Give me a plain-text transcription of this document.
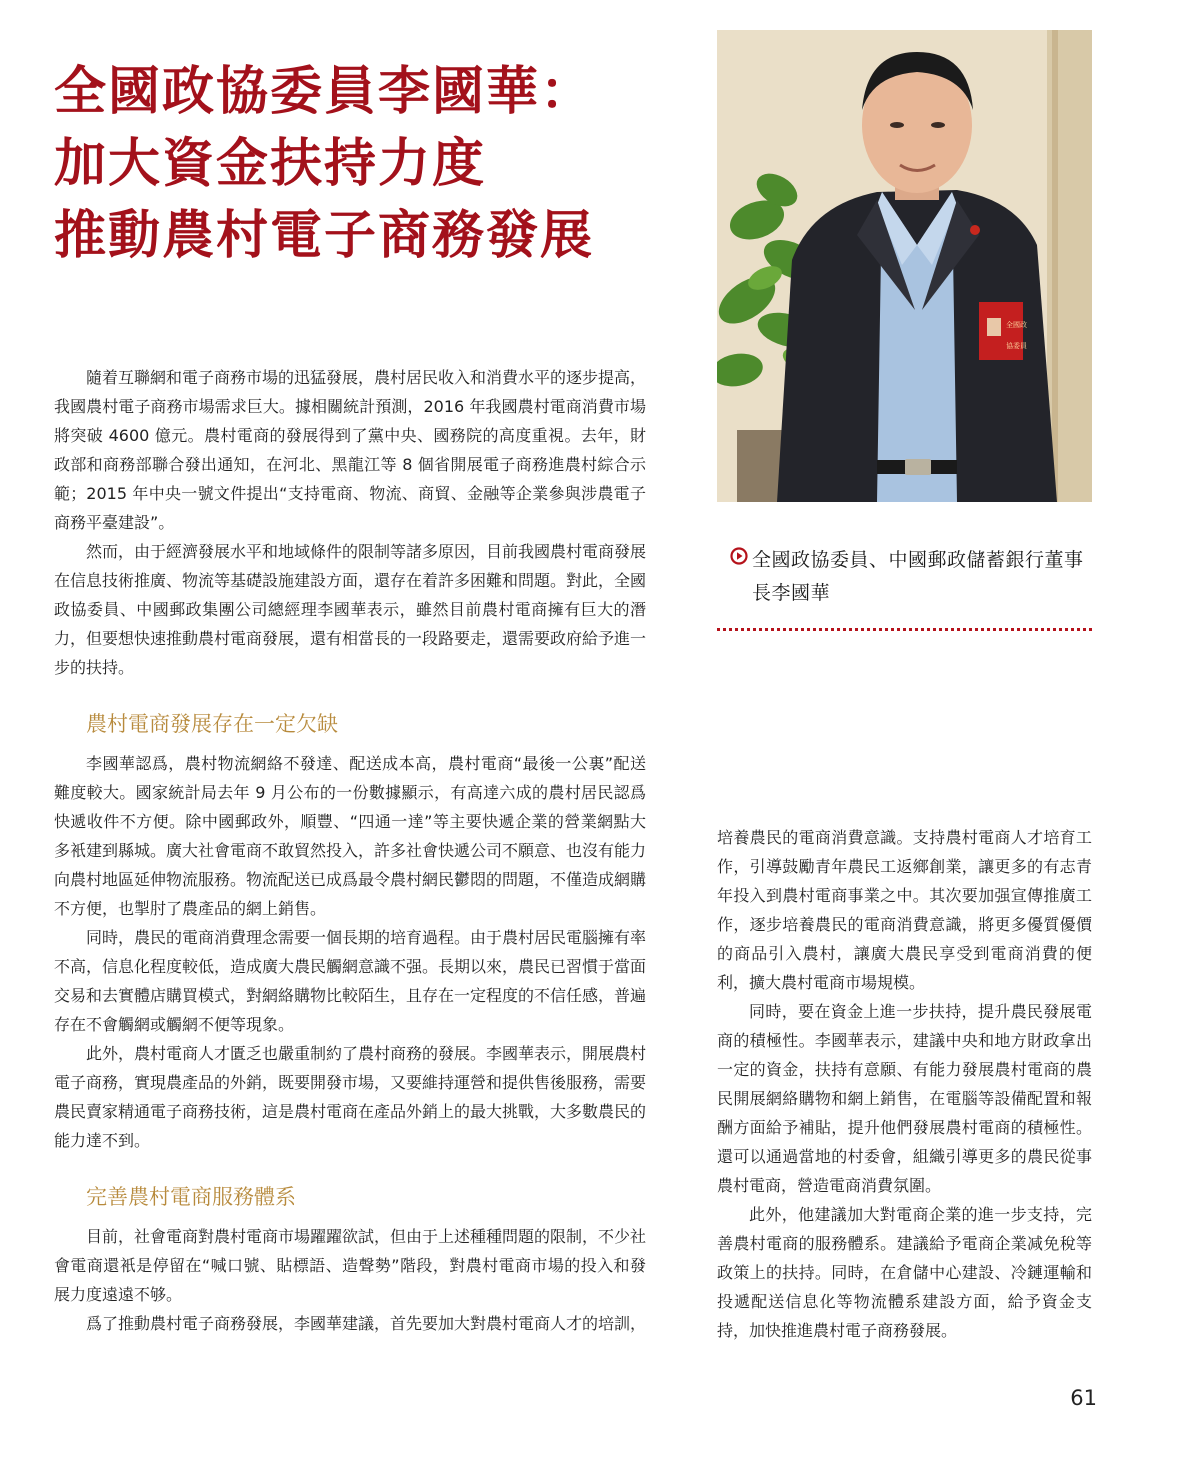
全國政協委員李國華：
加大資金扶持力度
推動農村電子商務發展
全國政
協委員
全國政協委員、中國郵政儲蓄銀行董事
長李國華

隨着互聯網和電子商務市場的迅猛發展，農村居民收入和消費水平的逐步提高，我國農村電子商務市場需求巨大。據相關統計預測，2016 年我國農村電商消費市場將突破 4600 億元。農村電商的發展得到了黨中央、國務院的高度重視。去年，財政部和商務部聯合發出通知，在河北、黑龍江等 8 個省開展電子商務進農村綜合示範；2015 年中央一號文件提出“支持電商、物流、商貿、金融等企業參與涉農電子商務平臺建設”。

然而，由于經濟發展水平和地域條件的限制等諸多原因，目前我國農村電商發展在信息技術推廣、物流等基礎設施建設方面，還存在着許多困難和問題。對此，全國政協委員、中國郵政集團公司總經理李國華表示，雖然目前農村電商擁有巨大的潛力，但要想快速推動農村電商發展，還有相當長的一段路要走，還需要政府給予進一步的扶持。

農村電商發展存在一定欠缺

李國華認爲，農村物流網絡不發達、配送成本高，農村電商“最後一公裏”配送難度較大。國家統計局去年 9 月公布的一份數據顯示，有高達六成的農村居民認爲快遞收件不方便。除中國郵政外，順豐、“四通一達”等主要快遞企業的營業網點大多衹建到縣城。廣大社會電商不敢貿然投入，許多社會快遞公司不願意、也沒有能力向農村地區延伸物流服務。物流配送已成爲最令農村網民鬱悶的問題，不僅造成網購不方便，也掣肘了農產品的網上銷售。

同時，農民的電商消費理念需要一個長期的培育過程。由于農村居民電腦擁有率不高，信息化程度較低，造成廣大農民觸網意識不强。長期以來，農民已習慣于當面交易和去實體店購買模式，對網絡購物比較陌生，且存在一定程度的不信任感，普遍存在不會觸網或觸網不便等現象。

此外，農村電商人才匱乏也嚴重制約了農村商務的發展。李國華表示，開展農村電子商務，實現農產品的外銷，既要開發市場，又要維持運營和提供售後服務，需要農民賣家精通電子商務技術，這是農村電商在產品外銷上的最大挑戰，大多數農民的能力達不到。

完善農村電商服務體系

目前，社會電商對農村電商市場躍躍欲試，但由于上述種種問題的限制，不少社會電商還衹是停留在“喊口號、貼標語、造聲勢”階段，對農村電商市場的投入和發展力度遠遠不够。

爲了推動農村電子商務發展，李國華建議，首先要加大對農村電商人才的培訓，

培養農民的電商消費意識。支持農村電商人才培育工作，引導鼓勵青年農民工返鄉創業，讓更多的有志青年投入到農村電商事業之中。其次要加强宣傳推廣工作，逐步培養農民的電商消費意識，將更多優質優價的商品引入農村，讓廣大農民享受到電商消費的便利，擴大農村電商市場規模。

同時，要在資金上進一步扶持，提升農民發展電商的積極性。李國華表示，建議中央和地方財政拿出一定的資金，扶持有意願、有能力發展農村電商的農民開展網絡購物和網上銷售，在電腦等設備配置和報酬方面給予補貼，提升他們發展農村電商的積極性。還可以通過當地的村委會，組織引導更多的農民從事農村電商，營造電商消費氛圍。

此外，他建議加大對電商企業的進一步支持，完善農村電商的服務體系。建議給予電商企業减免稅等政策上的扶持。同時，在倉儲中心建設、冷鏈運輸和投遞配送信息化等物流體系建設方面，給予資金支持，加快推進農村電子商務發展。

61
